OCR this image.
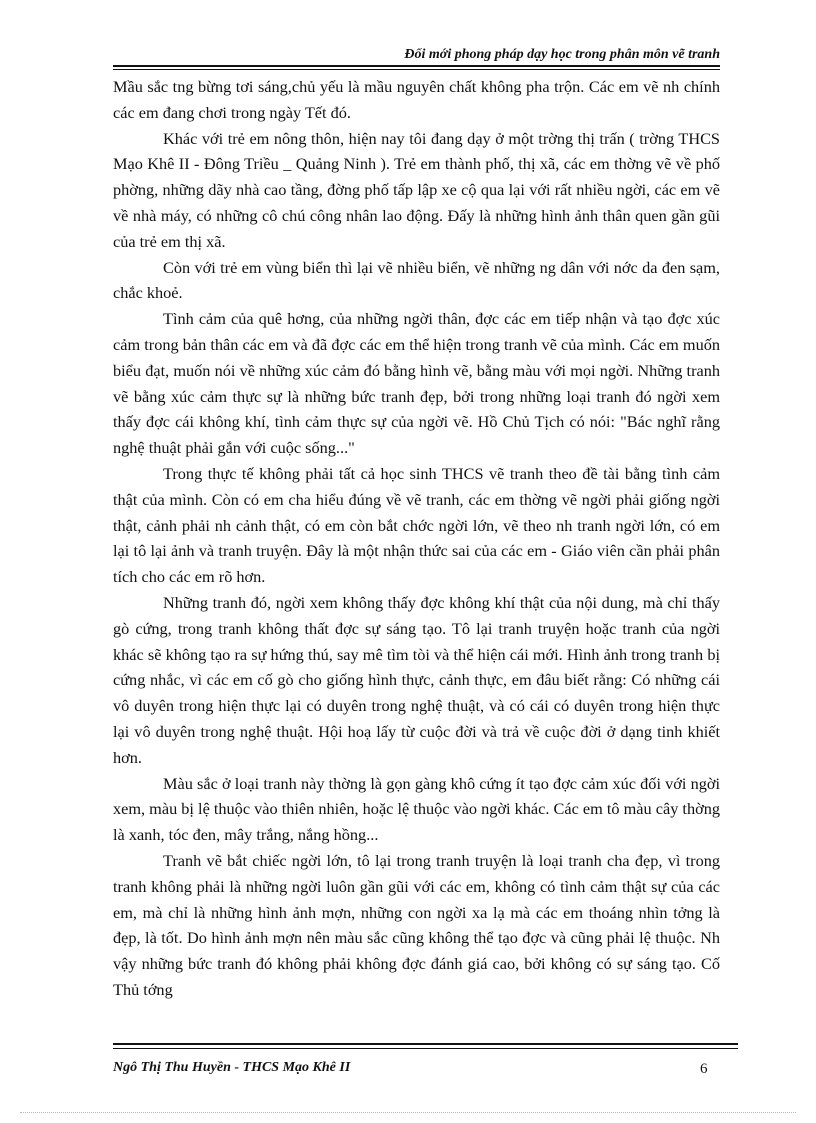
Đổi mới phong pháp dạy học trong phân môn vẽ tranh

Mầu sắc tng bừng tơi sáng,chủ yếu là mầu nguyên chất không pha trộn. Các em vẽ nh chính các em đang chơi trong ngày Tết đó.

Khác với trẻ em nông thôn, hiện nay tôi đang dạy ở một trờng thị trấn ( trờng THCS Mạo Khê II - Đông Triều _ Quảng Ninh ). Trẻ em thành phố, thị xã, các em thờng vẽ về phố phờng, những dãy nhà cao tầng, đờng phố tấp lập xe cộ qua lại với rất nhiều ngời, các em vẽ về nhà máy, có những cô chú công nhân lao động. Đấy là những hình ảnh thân quen gần gũi của trẻ em thị xã.

Còn với trẻ em vùng biển thì lại vẽ nhiều biển, vẽ những ng dân với nớc da đen sạm, chắc khoẻ.

Tình cảm của quê hơng, của những ngời thân, đợc các em tiếp nhận và tạo đợc xúc cảm trong bản thân các em và đã đợc các em thể hiện trong tranh vẽ của mình. Các em muốn biểu đạt, muốn nói về những xúc cảm đó bằng hình vẽ, bằng màu với mọi ngời. Những tranh vẽ bằng xúc cảm thực sự là những bức tranh đẹp, bởi trong những loại tranh đó ngời xem thấy đợc cái không khí, tình cảm thực sự của ngời vẽ. Hồ Chủ Tịch có nói: "Bác nghĩ rằng nghệ thuật phải gắn với cuộc sống..."

Trong thực tế không phải tất cả học sinh THCS vẽ tranh theo đề tài bằng tình cảm thật của mình. Còn có em cha hiểu đúng về vẽ tranh, các em thờng vẽ ngời phải giống ngời thật, cảnh phải nh cảnh thật, có em còn bắt chớc ngời lớn, vẽ theo nh tranh ngời lớn, có em lại tô lại ảnh và tranh truyện. Đây là một nhận thức sai của các em - Giáo viên cần phải phân tích cho các em rõ hơn.

Những tranh đó, ngời xem không thấy đợc không khí thật của nội dung, mà chỉ thấy gò cứng, trong tranh không thất đợc sự sáng tạo. Tô lại tranh truyện hoặc tranh của ngời khác sẽ không tạo ra sự hứng thú, say mê tìm tòi và thể hiện cái mới. Hình ảnh trong tranh bị cứng nhắc, vì các em cố gò cho giống hình thực, cảnh thực, em đâu biết rằng: Có những cái vô duyên trong hiện thực lại có duyên trong nghệ thuật, và có cái có duyên trong hiện thực lại vô duyên trong nghệ thuật. Hội hoạ lấy từ cuộc đời và trả về cuộc đời ở dạng tinh khiết hơn.

Màu sắc ở loại tranh này thờng là gọn gàng khô cứng ít tạo đợc cảm xúc đối với ngời xem, màu bị lệ thuộc vào thiên nhiên, hoặc lệ thuộc vào ngời khác. Các em tô màu cây thờng là xanh, tóc đen, mây trắng, nắng hồng...

Tranh vẽ bắt chiếc ngời lớn, tô lại trong tranh truyện là loại tranh cha đẹp, vì trong tranh không phải là những ngời luôn gần gũi với các em, không có tình cảm thật sự của các em, mà chỉ là những hình ảnh mợn, những con ngời xa lạ mà các em thoáng nhìn tởng là đẹp, là tốt. Do hình ảnh mợn nên màu sắc cũng không thể tạo đợc và cũng phải lệ thuộc. Nh vậy những bức tranh đó không phải không đợc đánh giá cao, bởi không có sự sáng tạo. Cố Thủ tớng

Ngô Thị Thu Huyền - THCS Mạo Khê II	6
